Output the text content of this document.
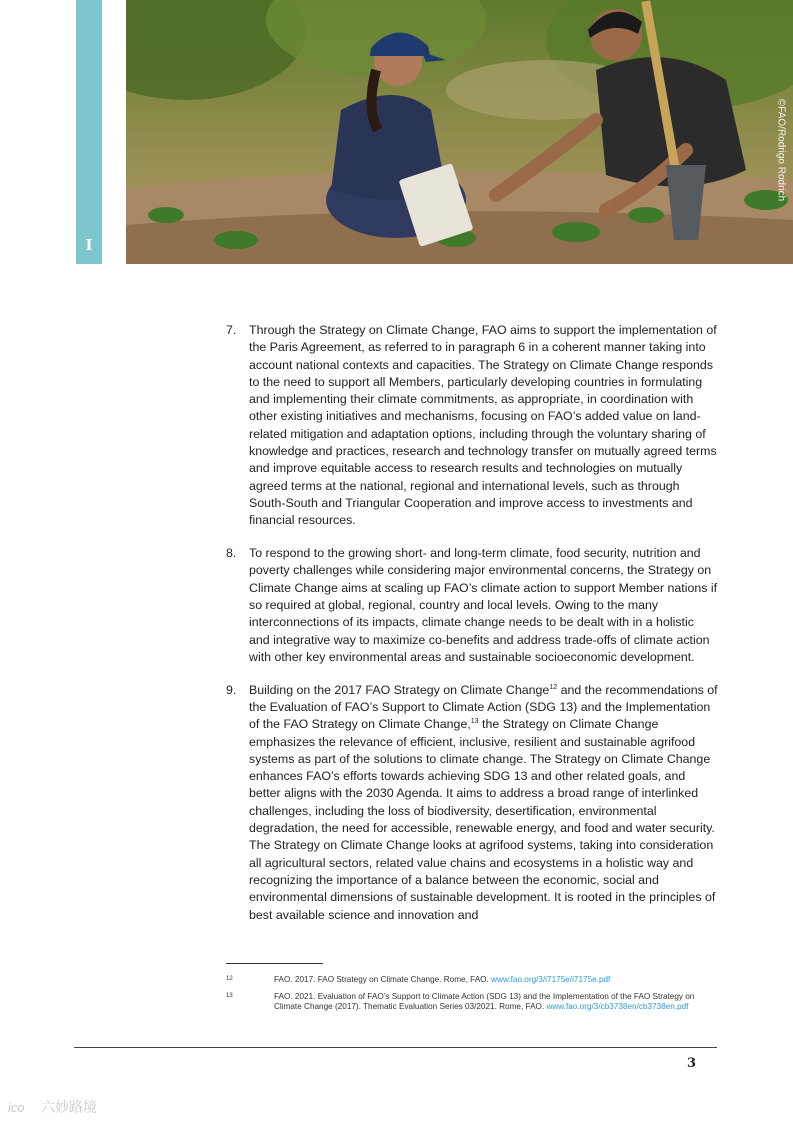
I
©FAO/Rodrigo Rodrich
7.	Through the Strategy on Climate Change, FAO aims to support the implementation of the Paris Agreement, as referred to in paragraph 6 in a coherent manner taking into account national contexts and capacities. The Strategy on Climate Change responds to the need to support all Members, particularly developing countries in formulating and implementing their climate commitments, as appropriate, in coordination with other existing initiatives and mechanisms, focusing on FAO’s added value on land-related mitigation and adaptation options, including through the voluntary sharing of knowledge and practices, research and technology transfer on mutually agreed terms and improve equitable access to research results and technologies on mutually agreed terms at the national, regional and international levels, such as through South-South and Triangular Cooperation and improve access to investments and financial resources.
8.	To respond to the growing short- and long-term climate, food security, nutrition and poverty challenges while considering major environmental concerns, the Strategy on Climate Change aims at scaling up FAO’s climate action to support Member nations if so required at global, regional, country and local levels. Owing to the many interconnections of its impacts, climate change needs to be dealt with in a holistic and integrative way to maximize co-benefits and address trade-offs of climate action with other key environmental areas and sustainable socioeconomic development.
9.	Building on the 2017 FAO Strategy on Climate Change$^{12}$ and the recommendations of the Evaluation of FAO’s Support to Climate Action (SDG 13) and the Implementation of the FAO Strategy on Climate Change,$^{13}$ the Strategy on Climate Change emphasizes the relevance of efficient, inclusive, resilient and sustainable agrifood systems as part of the solutions to climate change. The Strategy on Climate Change enhances FAO’s efforts towards achieving SDG 13 and other related goals, and better aligns with the 2030 Agenda. It aims to address a broad range of interlinked challenges, including the loss of biodiversity, desertification, environmental degradation, the need for accessible, renewable energy, and food and water security. The Strategy on Climate Change looks at agrifood systems, taking into consideration all agricultural sectors, related value chains and ecosystems in a holistic way and recognizing the importance of a balance between the economic, social and environmental dimensions of sustainable development. It is rooted in the principles of best available science and innovation and
12	FAO. 2017. FAO Strategy on Climate Change. Rome, FAO. www.fao.org/3/i7175e/i7175e.pdf
13	FAO. 2021. Evaluation of FAO’s Support to Climate Action (SDG 13) and the Implementation of the FAO Strategy on Climate Change (2017). Thematic Evaluation Series 03/2021. Rome, FAO. www.fao.org/3/cb3738en/cb3738en.pdf
3
ico 六妙路境
